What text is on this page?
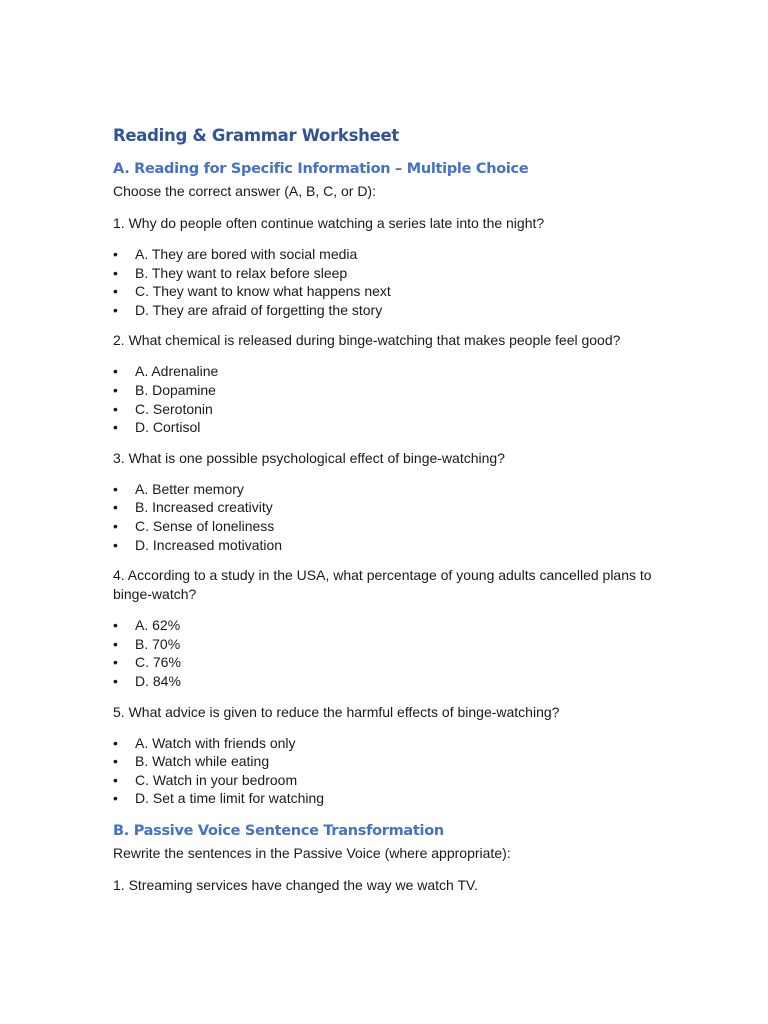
Reading & Grammar Worksheet
A. Reading for Specific Information – Multiple Choice

Choose the correct answer (A, B, C, or D):

1. Why do people often continue watching a series late into the night?

• A. They are bored with social media
• B. They want to relax before sleep
• C. They want to know what happens next
• D. They are afraid of forgetting the story

2. What chemical is released during binge-watching that makes people feel good?

• A. Adrenaline
• B. Dopamine
• C. Serotonin
• D. Cortisol

3. What is one possible psychological effect of binge-watching?

• A. Better memory
• B. Increased creativity
• C. Sense of loneliness
• D. Increased motivation

4. According to a study in the USA, what percentage of young adults cancelled plans to binge-watch?

• A. 62%
• B. 70%
• C. 76%
• D. 84%

5. What advice is given to reduce the harmful effects of binge-watching?

• A. Watch with friends only
• B. Watch while eating
• C. Watch in your bedroom
• D. Set a time limit for watching
B. Passive Voice Sentence Transformation

Rewrite the sentences in the Passive Voice (where appropriate):

1. Streaming services have changed the way we watch TV.
